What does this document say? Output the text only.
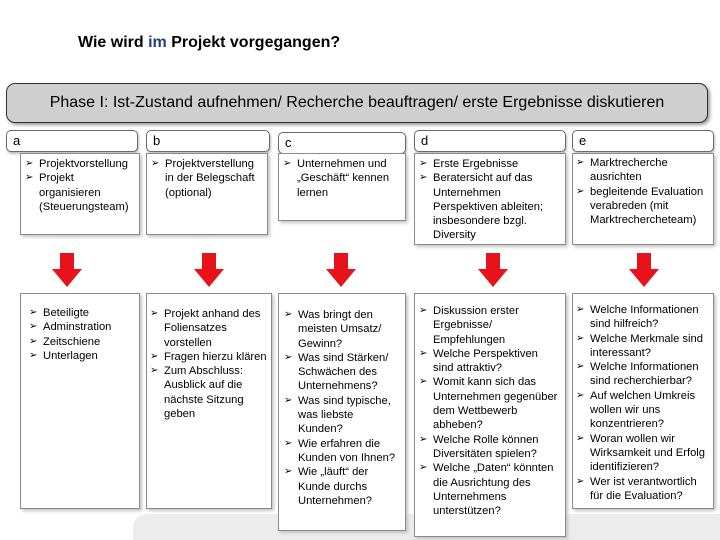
Wie wird im Projekt vorgegangen?
Phase I: Ist-Zustand aufnehmen/ Recherche beauftragen/ erste Ergebnisse diskutieren
a	b	c	d	e
➢ Projektvorstellung
➢ Projekt organisieren (Steuerungsteam)
➢ Projektverstellung in der Belegschaft (optional)
➢ Unternehmen und „Geschäft“ kennen lernen
➢ Erste Ergebnisse
➢ Beratersicht auf das Unternehmen Perspektiven ableiten; insbesondere bzgl. Diversity
➢ Marktrecherche ausrichten
➢ begleitende Evaluation verabreden (mit Marktrechercheteam)
➢ Beteiligte
➢ Adminstration
➢ Zeitschiene
➢ Unterlagen
➢ Projekt anhand des Foliensatzes vorstellen
➢ Fragen hierzu klären
➢ Zum Abschluss: Ausblick auf die nächste Sitzung geben
➢ Was bringt den meisten Umsatz/ Gewinn?
➢ Was sind Stärken/ Schwächen des Unternehmens?
➢ Was sind typische, was liebste Kunden?
➢ Wie erfahren die Kunden von Ihnen?
➢ Wie „läuft“ der Kunde durchs Unternehmen?
➢ Diskussion erster Ergebnisse/ Empfehlungen
➢ Welche Perspektiven sind attraktiv?
➢ Womit kann sich das Unternehmen gegenüber dem Wettbewerb abheben?
➢ Welche Rolle können Diversitäten spielen?
➢ Welche „Daten“ könnten die Ausrichtung des Unternehmens unterstützen?
➢ Welche Informationen sind hilfreich?
➢ Welche Merkmale sind interessant?
➢ Welche Informationen sind recherchierbar?
➢ Auf welchen Umkreis wollen wir uns konzentrieren?
➢ Woran wollen wir Wirksamkeit und Erfolg identifizieren?
➢ Wer ist verantwortlich für die Evaluation?
